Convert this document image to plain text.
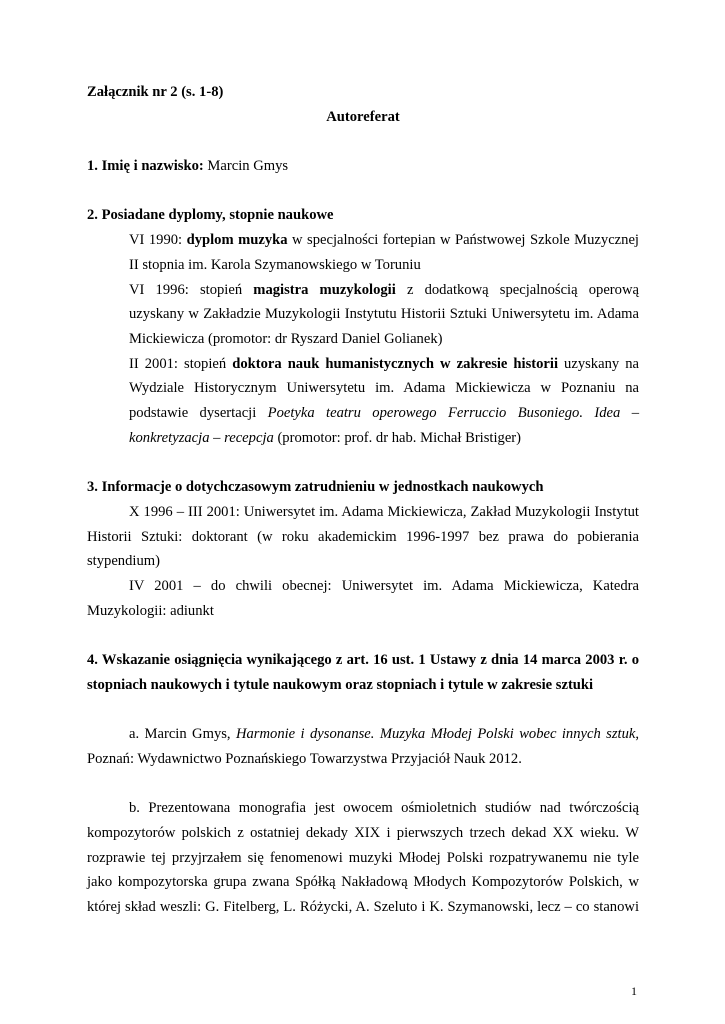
Załącznik nr 2 (s. 1-8)
Autoreferat
1. Imię i nazwisko: Marcin Gmys
2. Posiadane dyplomy, stopnie naukowe
VI 1990: dyplom muzyka w specjalności fortepian w Państwowej Szkole Muzycznej
II stopnia im. Karola Szymanowskiego w Toruniu
VI 1996: stopień magistra muzykologii z dodatkową specjalnością operową
uzyskany w Zakładzie Muzykologii Instytutu Historii Sztuki Uniwersytetu im. Adama
Mickiewicza (promotor: dr Ryszard Daniel Golianek)
II 2001: stopień doktora nauk humanistycznych w zakresie historii uzyskany na
Wydziale Historycznym Uniwersytetu im. Adama Mickiewicza w Poznaniu na
podstawie dysertacji Poetyka teatru operowego Ferruccio Busoniego. Idea –
konkretyzacja – recepcja (promotor: prof. dr hab. Michał Bristiger)
3. Informacje o dotychczasowym zatrudnieniu w jednostkach naukowych
X 1996 – III 2001: Uniwersytet im. Adama Mickiewicza, Zakład Muzykologii Instytut
Historii Sztuki: doktorant (w roku akademickim 1996-1997 bez prawa do pobierania
stypendium)
IV 2001 – do chwili obecnej: Uniwersytet im. Adama Mickiewicza, Katedra
Muzykologii: adiunkt
4. Wskazanie osiągnięcia wynikającego z art. 16 ust. 1 Ustawy z dnia 14 marca 2003 r. o
stopniach naukowych i tytule naukowym oraz stopniach i tytule w zakresie sztuki
a. Marcin Gmys, Harmonie i dysonanse. Muzyka Młodej Polski wobec innych sztuk,
Poznań: Wydawnictwo Poznańskiego Towarzystwa Przyjaciół Nauk 2012.
b. Prezentowana monografia jest owocem ośmioletnich studiów nad twórczością
kompozytorów polskich z ostatniej dekady XIX i pierwszych trzech dekad XX wieku. W
rozprawie tej przyjrzałem się fenomenowi muzyki Młodej Polski rozpatrywanemu nie tyle
jako kompozytorska grupa zwana Spółką Nakładową Młodych Kompozytorów Polskich, w
której skład weszli: G. Fitelberg, L. Różycki, A. Szeluto i K. Szymanowski, lecz – co stanowi
1
